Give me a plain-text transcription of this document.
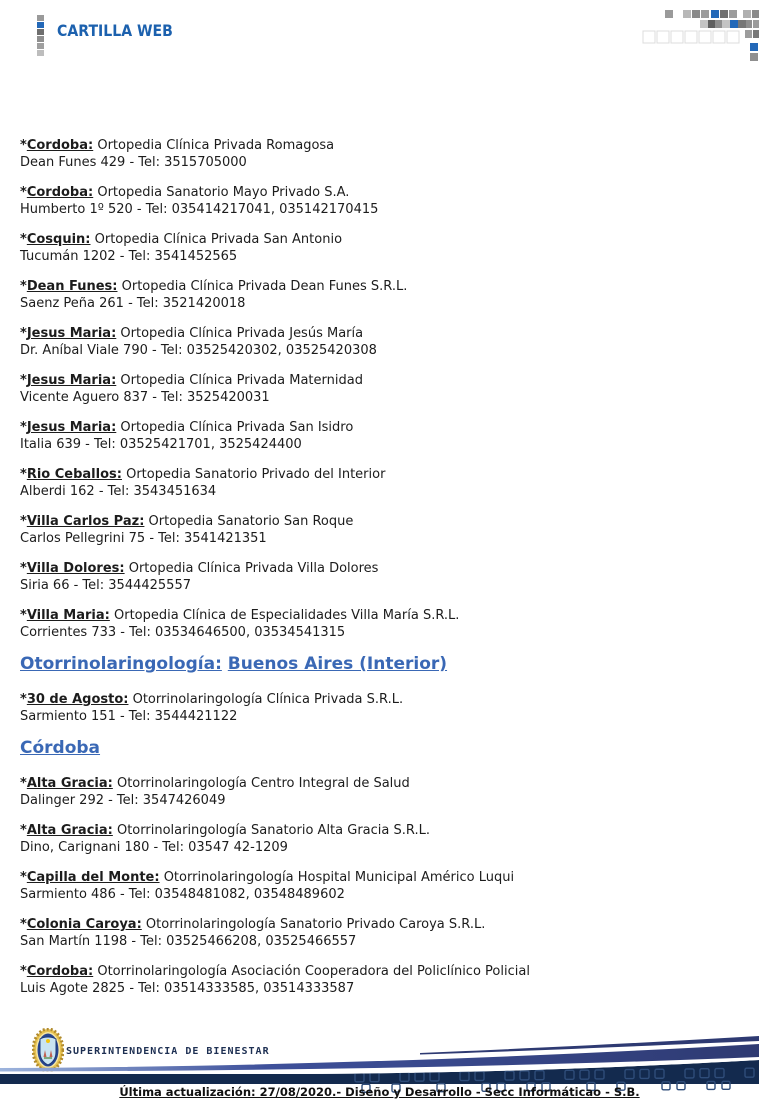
CARTILLA WEB
*Cordoba: Ortopedia Clínica Privada Romagosa
Dean Funes 429 - Tel: 3515705000
*Cordoba: Ortopedia Sanatorio Mayo Privado S.A.
Humberto 1º 520 - Tel: 035414217041, 035142170415
*Cosquin: Ortopedia Clínica Privada San Antonio
Tucumán 1202 - Tel: 3541452565
*Dean Funes: Ortopedia Clínica Privada Dean Funes S.R.L.
Saenz Peña 261 - Tel: 3521420018
*Jesus Maria: Ortopedia Clínica Privada Jesús María
Dr. Aníbal Viale 790 - Tel: 03525420302, 03525420308
*Jesus Maria: Ortopedia Clínica Privada Maternidad
Vicente Aguero 837 - Tel: 3525420031
*Jesus Maria: Ortopedia Clínica Privada San Isidro
Italia 639 - Tel: 03525421701, 3525424400
*Rio Ceballos: Ortopedia Sanatorio Privado del Interior
Alberdi 162 - Tel: 3543451634
*Villa Carlos Paz: Ortopedia Sanatorio San Roque
Carlos Pellegrini 75 - Tel: 3541421351
*Villa Dolores: Ortopedia Clínica Privada Villa Dolores
Siria 66 - Tel: 3544425557
*Villa Maria: Ortopedia Clínica de Especialidades Villa María S.R.L.
Corrientes 733 - Tel: 03534646500, 03534541315
Otorrinolaringología: Buenos Aires (Interior)
*30 de Agosto: Otorrinolaringología Clínica Privada S.R.L.
Sarmiento 151 - Tel: 3544421122
Córdoba
*Alta Gracia: Otorrinolaringología Centro Integral de Salud
Dalinger 292 - Tel: 3547426049
*Alta Gracia: Otorrinolaringología Sanatorio Alta Gracia S.R.L.
Dino, Carignani 180 - Tel: 03547 42-1209
*Capilla del Monte: Otorrinolaringología Hospital Municipal Américo Luqui
Sarmiento 486 - Tel: 03548481082, 03548489602
*Colonia Caroya: Otorrinolaringología Sanatorio Privado Caroya S.R.L.
San Martín 1198 - Tel: 03525466208, 03525466557
*Cordoba: Otorrinolaringología Asociación Cooperadora del Policlínico Policial
Luis Agote 2825 - Tel: 03514333585, 03514333587
SUPERINTENDENCIA DE BIENESTAR
Última actualización: 27/08/2020.- Diseño y Desarrollo - Secc Informáticao - S.B.
